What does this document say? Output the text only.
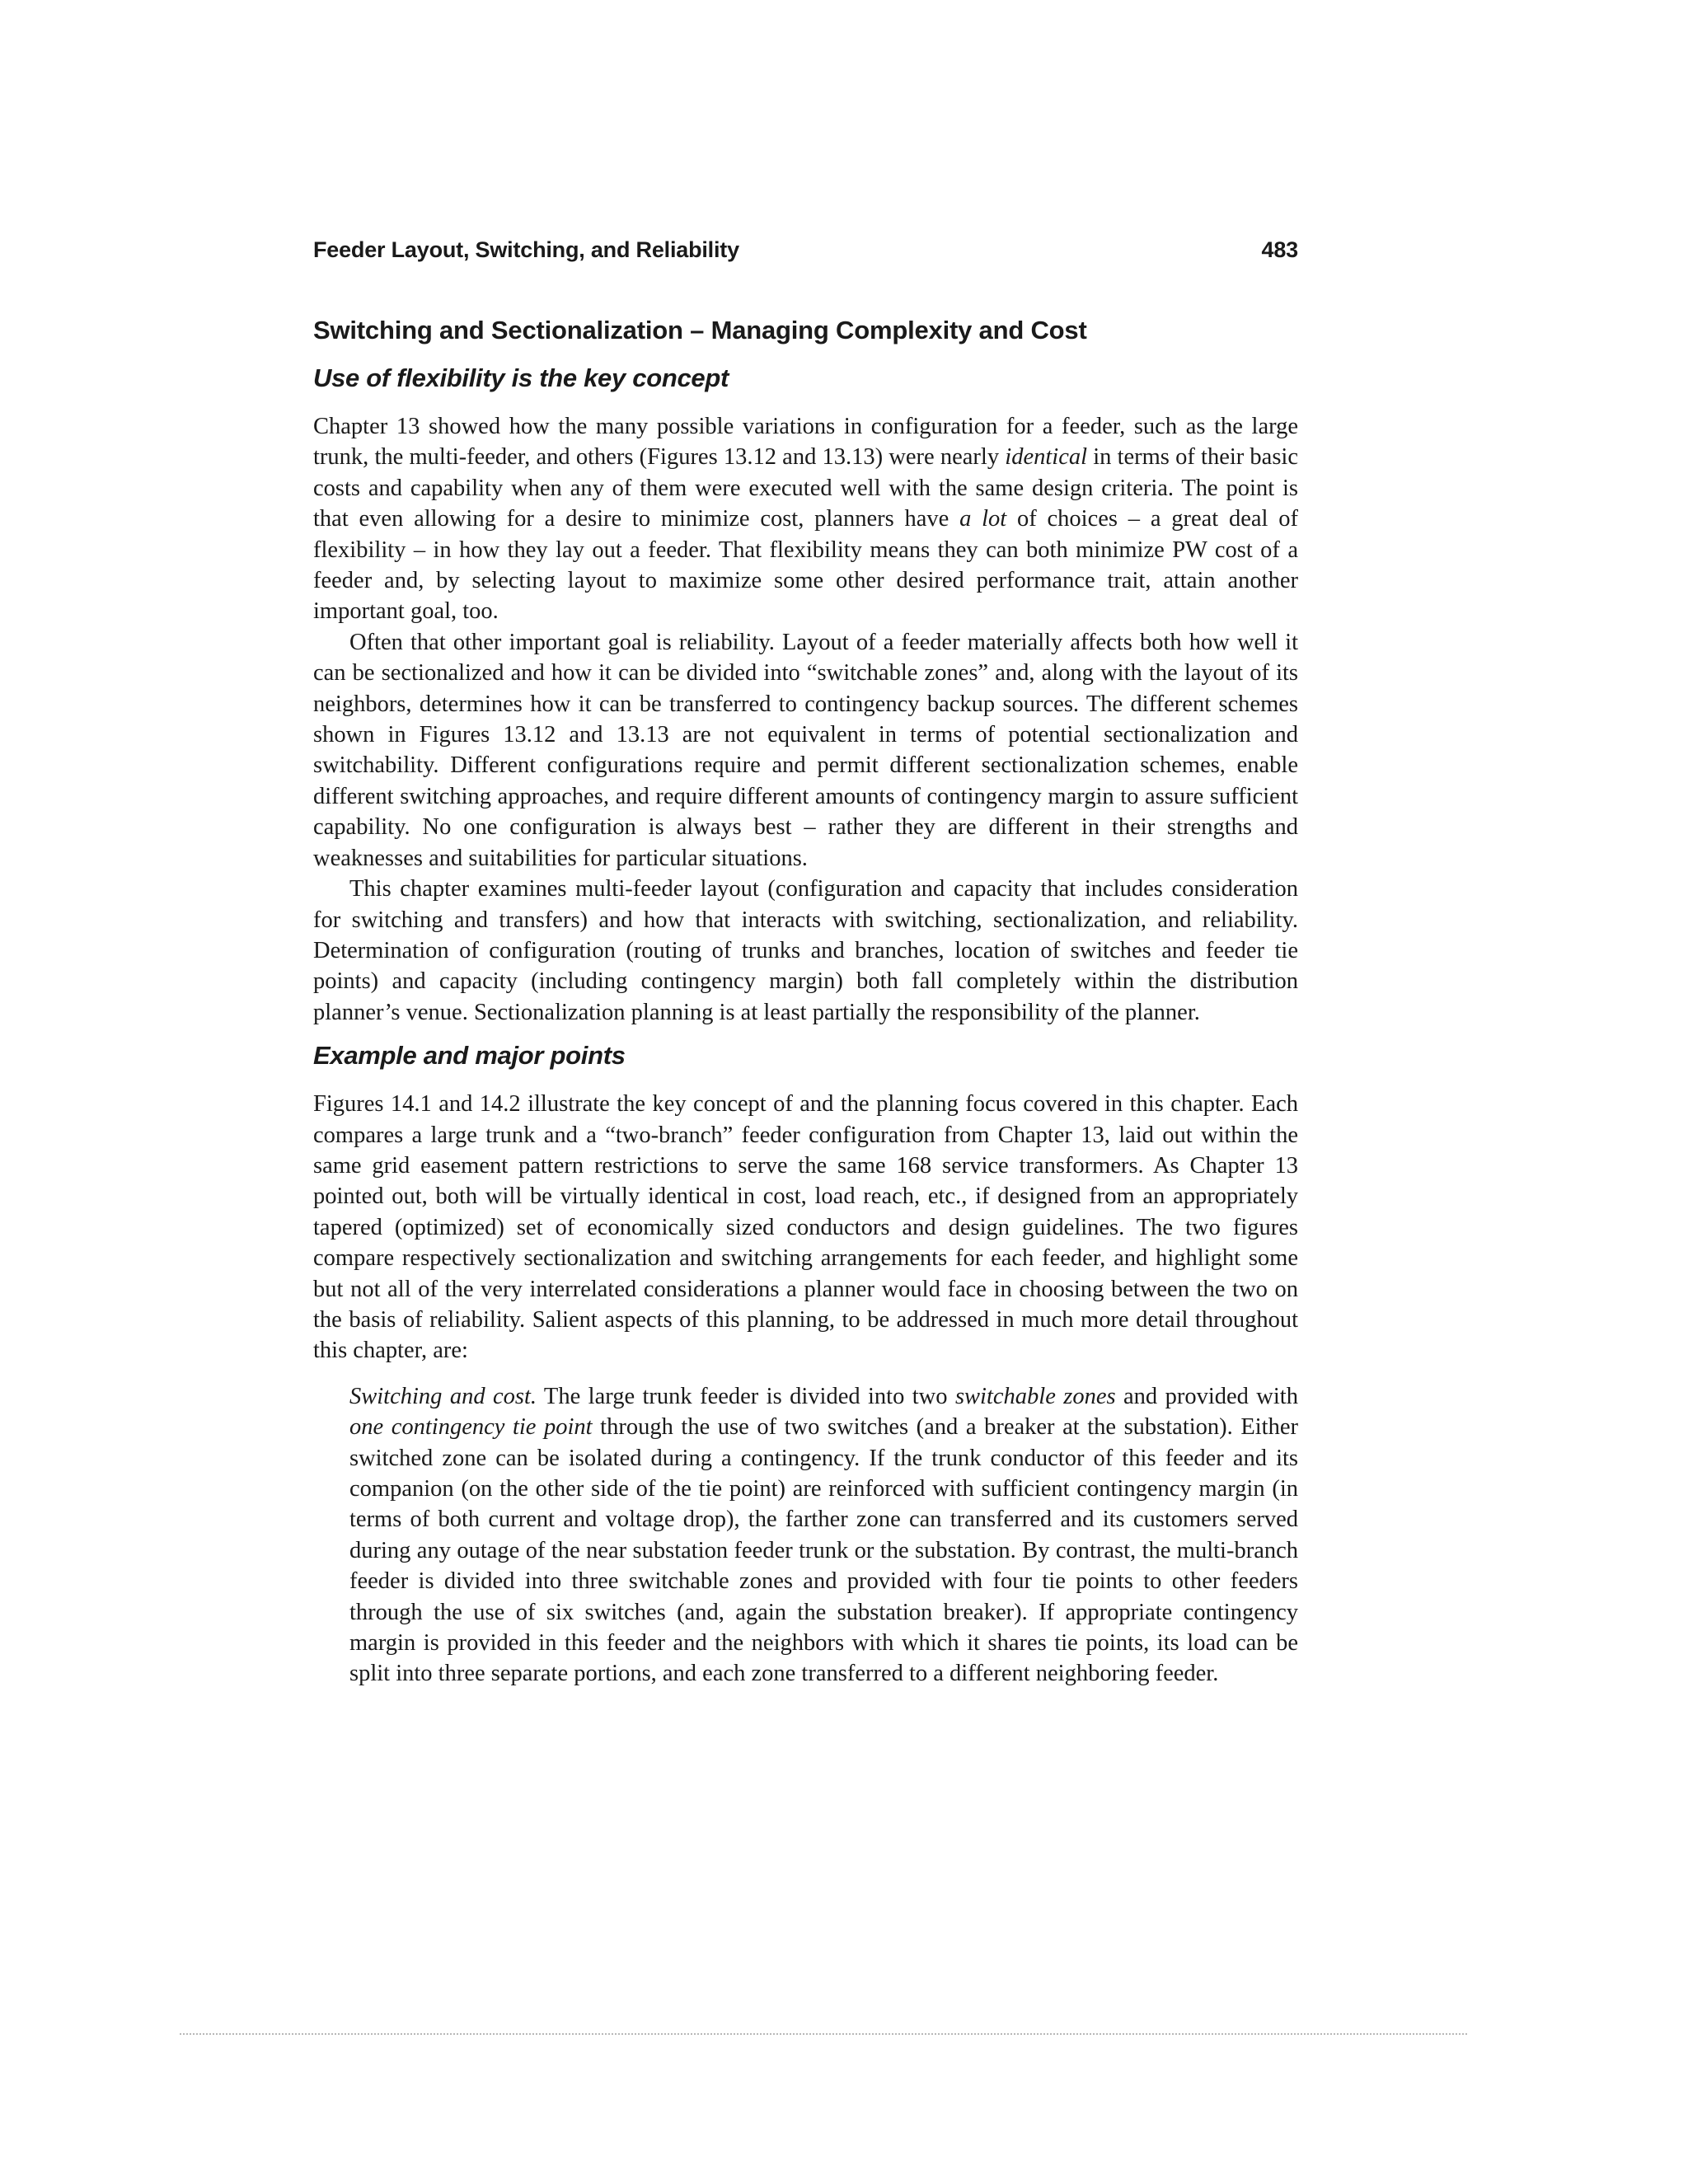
Feeder Layout, Switching, and Reliability	483
Switching and Sectionalization – Managing Complexity and Cost
Use of flexibility is the key concept

Chapter 13 showed how the many possible variations in configuration for a feeder, such as the large trunk, the multi-feeder, and others (Figures 13.12 and 13.13) were nearly identical in terms of their basic costs and capability when any of them were executed well with the same design criteria. The point is that even allowing for a desire to minimize cost, planners have a lot of choices – a great deal of flexibility – in how they lay out a feeder. That flexibility means they can both minimize PW cost of a feeder and, by selecting layout to maximize some other desired performance trait, attain another important goal, too.

Often that other important goal is reliability. Layout of a feeder materially affects both how well it can be sectionalized and how it can be divided into “switchable zones” and, along with the layout of its neighbors, determines how it can be transferred to contingency backup sources. The different schemes shown in Figures 13.12 and 13.13 are not equivalent in terms of potential sectionalization and switchability. Different configurations require and permit different sectionalization schemes, enable different switching approaches, and require different amounts of contingency margin to assure sufficient capability. No one configuration is always best – rather they are different in their strengths and weaknesses and suitabilities for particular situations.

This chapter examines multi-feeder layout (configuration and capacity that includes consideration for switching and transfers) and how that interacts with switching, sectionalization, and reliability. Determination of configuration (routing of trunks and branches, location of switches and feeder tie points) and capacity (including contingency margin) both fall completely within the distribution planner’s venue. Sectionalization planning is at least partially the responsibility of the planner.

Example and major points

Figures 14.1 and 14.2 illustrate the key concept of and the planning focus covered in this chapter. Each compares a large trunk and a “two-branch” feeder configuration from Chapter 13, laid out within the same grid easement pattern restrictions to serve the same 168 service transformers. As Chapter 13 pointed out, both will be virtually identical in cost, load reach, etc., if designed from an appropriately tapered (optimized) set of economically sized conductors and design guidelines. The two figures compare respectively sectionalization and switching arrangements for each feeder, and highlight some but not all of the very interrelated considerations a planner would face in choosing between the two on the basis of reliability. Salient aspects of this planning, to be addressed in much more detail throughout this chapter, are:

Switching and cost. The large trunk feeder is divided into two switchable zones and provided with one contingency tie point through the use of two switches (and a breaker at the substation). Either switched zone can be isolated during a contingency. If the trunk conductor of this feeder and its companion (on the other side of the tie point) are reinforced with sufficient contingency margin (in terms of both current and voltage drop), the farther zone can transferred and its customers served during any outage of the near substation feeder trunk or the substation. By contrast, the multi-branch feeder is divided into three switchable zones and provided with four tie points to other feeders through the use of six switches (and, again the substation breaker). If appropriate contingency margin is provided in this feeder and the neighbors with which it shares tie points, its load can be split into three separate portions, and each zone transferred to a different neighboring feeder.
